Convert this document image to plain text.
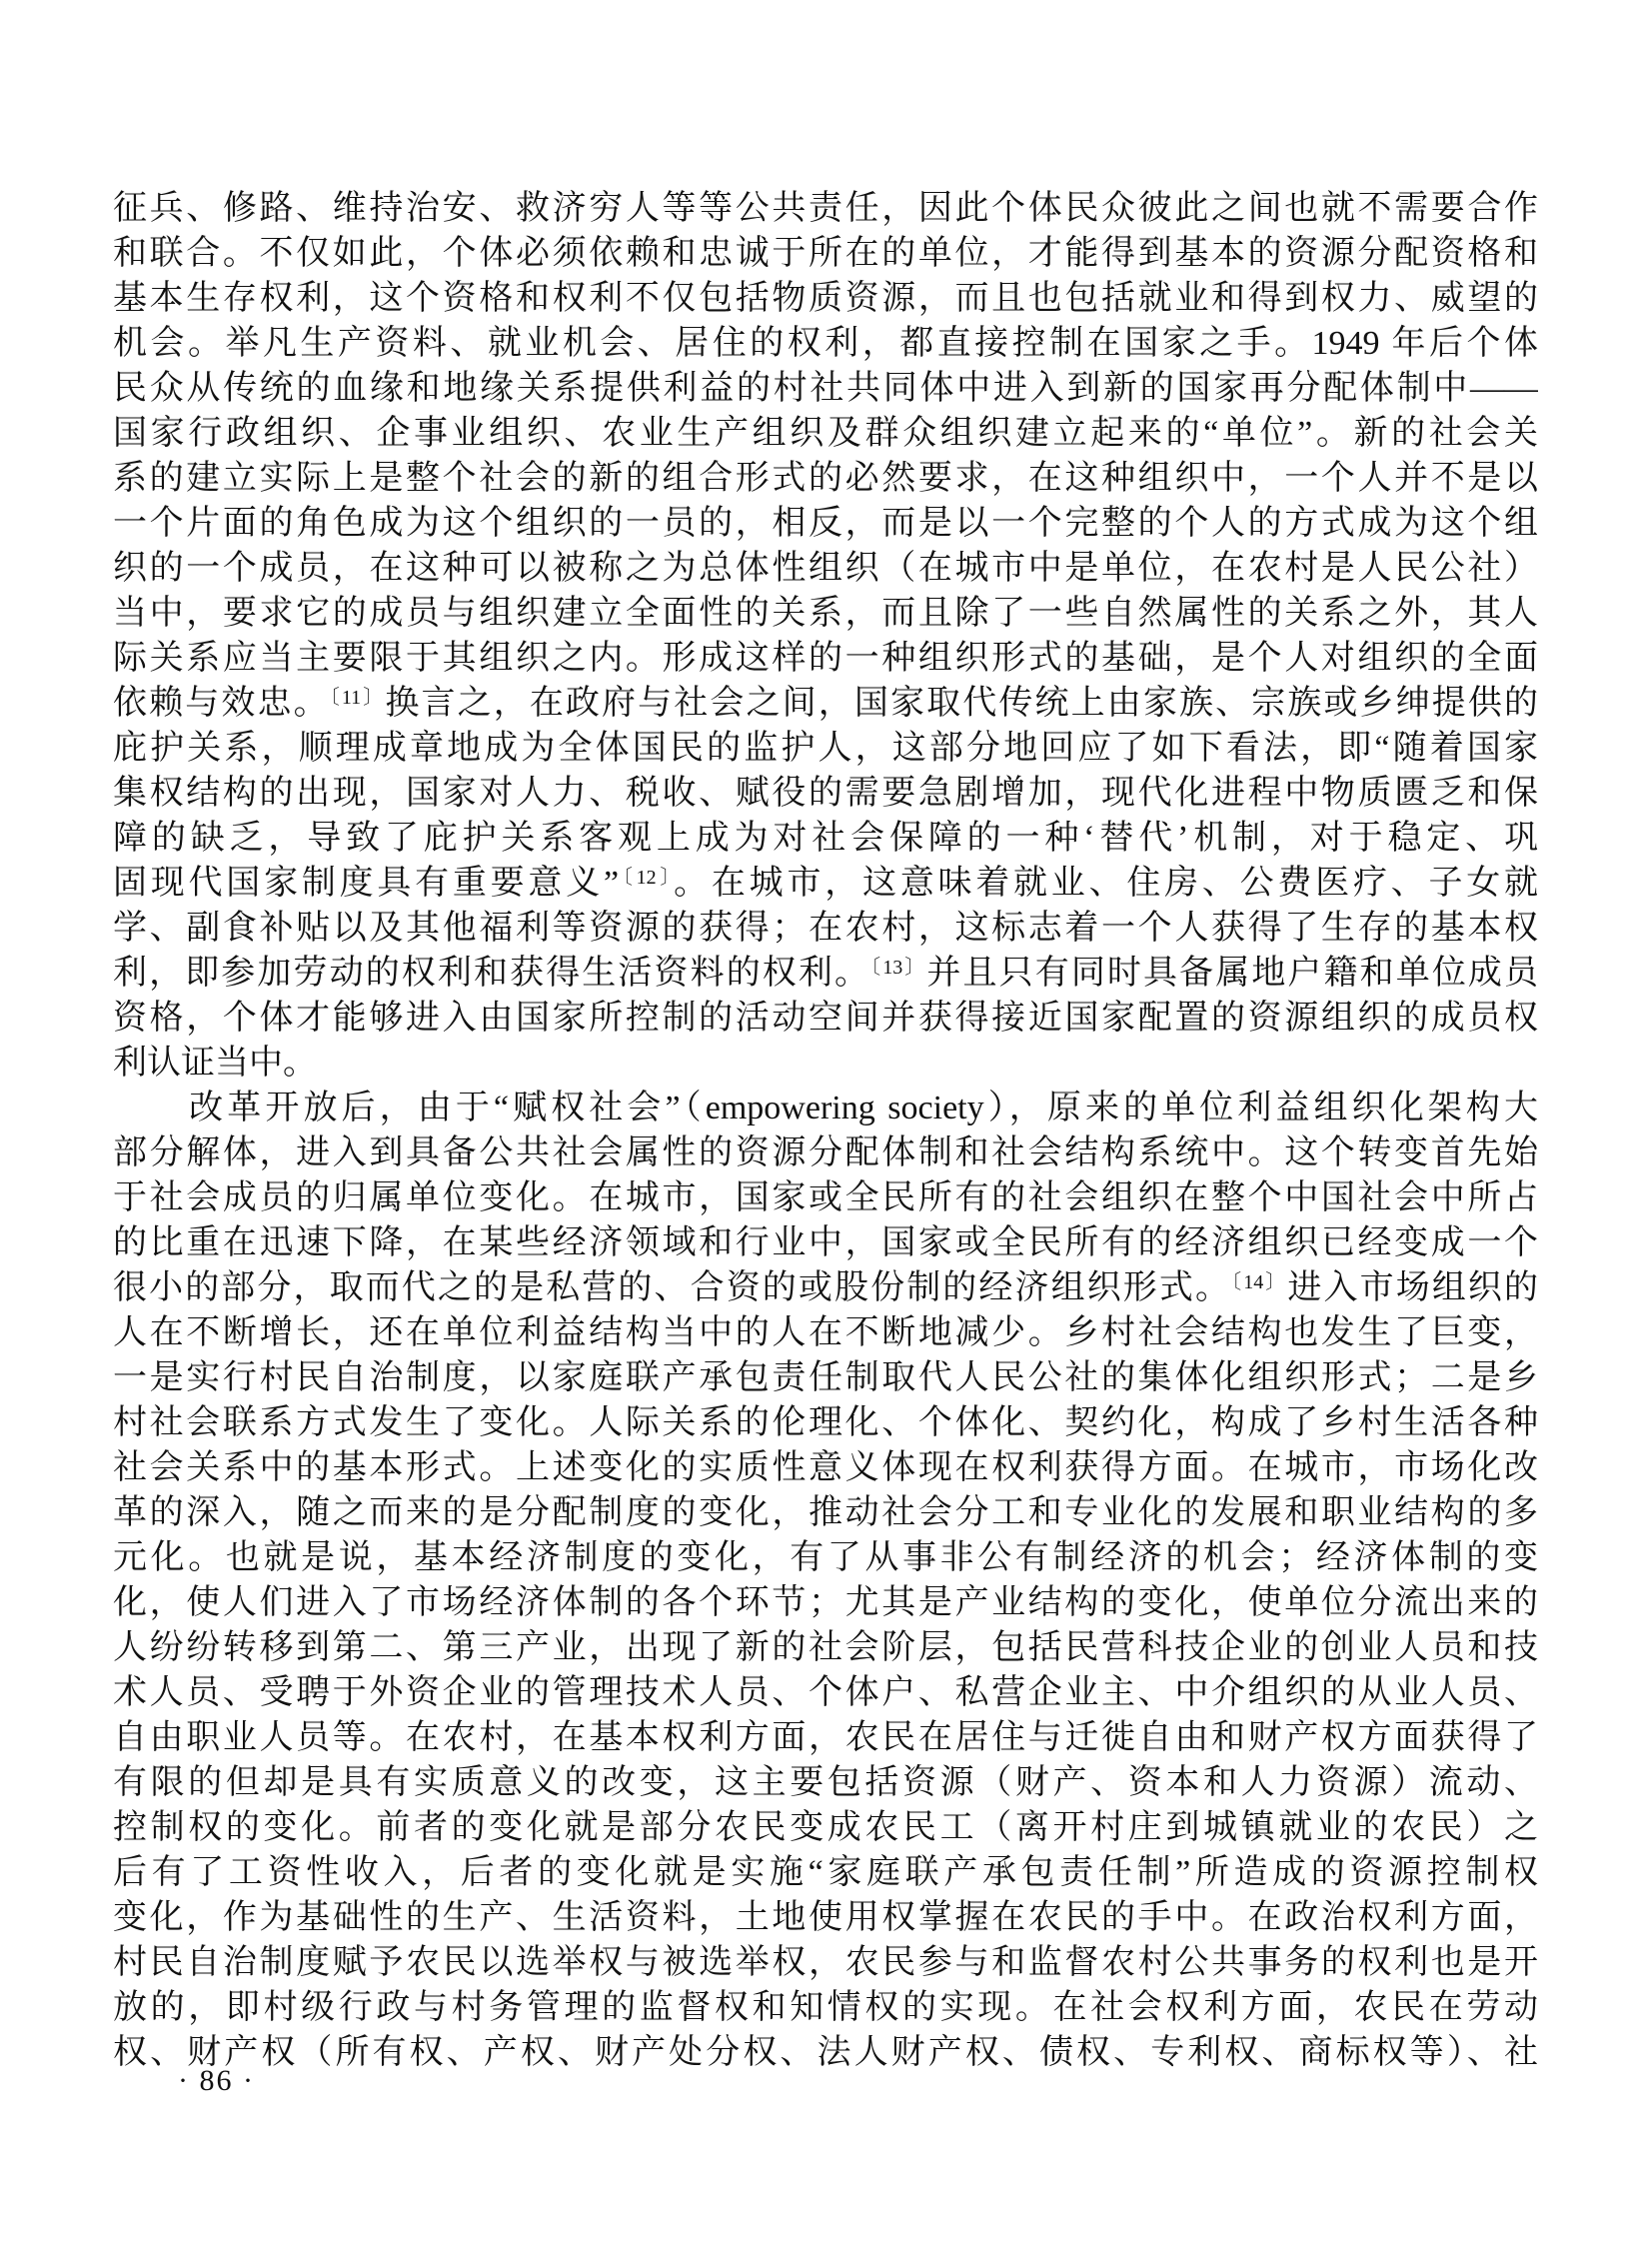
征兵、修路、维持治安、救济穷人等等公共责任，因此个体民众彼此之间也就不需要合作
和联合。不仅如此，个体必须依赖和忠诚于所在的单位，才能得到基本的资源分配资格和
基本生存权利，这个资格和权利不仅包括物质资源，而且也包括就业和得到权力、威望的
机会。举凡生产资料、就业机会、居住的权利，都直接控制在国家之手。1949 年后个体
民众从传统的血缘和地缘关系提供利益的村社共同体中进入到新的国家再分配体制中——
国家行政组织、企事业组织、农业生产组织及群众组织建立起来的“单位”。新的社会关
系的建立实际上是整个社会的新的组合形式的必然要求，在这种组织中，一个人并不是以
一个片面的角色成为这个组织的一员的，相反，而是以一个完整的个人的方式成为这个组
织的一个成员，在这种可以被称之为总体性组织（在城市中是单位，在农村是人民公社）
当中，要求它的成员与组织建立全面性的关系，而且除了一些自然属性的关系之外，其人
际关系应当主要限于其组织之内。形成这样的一种组织形式的基础，是个人对组织的全面
依赖与效忠。$^{〔11〕}$换言之，在政府与社会之间，国家取代传统上由家族、宗族或乡绅提供的
庇护关系，顺理成章地成为全体国民的监护人，这部分地回应了如下看法，即“随着国家
集权结构的出现，国家对人力、税收、赋役的需要急剧增加，现代化进程中物质匮乏和保
障的缺乏，导致了庇护关系客观上成为对社会保障的一种‘替代’机制，对于稳定、巩
固现代国家制度具有重要意义”$^{〔12〕}$。在城市，这意味着就业、住房、公费医疗、子女就
学、副食补贴以及其他福利等资源的获得；在农村，这标志着一个人获得了生存的基本权
利，即参加劳动的权利和获得生活资料的权利。$^{〔13〕}$并且只有同时具备属地户籍和单位成员
资格，个体才能够进入由国家所控制的活动空间并获得接近国家配置的资源组织的成员权
利认证当中。
　　改革开放后，由于“赋权社会”（empowering society），原来的单位利益组织化架构大
部分解体，进入到具备公共社会属性的资源分配体制和社会结构系统中。这个转变首先始
于社会成员的归属单位变化。在城市，国家或全民所有的社会组织在整个中国社会中所占
的比重在迅速下降，在某些经济领域和行业中，国家或全民所有的经济组织已经变成一个
很小的部分，取而代之的是私营的、合资的或股份制的经济组织形式。$^{〔14〕}$进入市场组织的
人在不断增长，还在单位利益结构当中的人在不断地减少。乡村社会结构也发生了巨变，
一是实行村民自治制度，以家庭联产承包责任制取代人民公社的集体化组织形式；二是乡
村社会联系方式发生了变化。人际关系的伦理化、个体化、契约化，构成了乡村生活各种
社会关系中的基本形式。上述变化的实质性意义体现在权利获得方面。在城市，市场化改
革的深入，随之而来的是分配制度的变化，推动社会分工和专业化的发展和职业结构的多
元化。也就是说，基本经济制度的变化，有了从事非公有制经济的机会；经济体制的变
化，使人们进入了市场经济体制的各个环节；尤其是产业结构的变化，使单位分流出来的
人纷纷转移到第二、第三产业，出现了新的社会阶层，包括民营科技企业的创业人员和技
术人员、受聘于外资企业的管理技术人员、个体户、私营企业主、中介组织的从业人员、
自由职业人员等。在农村，在基本权利方面，农民在居住与迁徙自由和财产权方面获得了
有限的但却是具有实质意义的改变，这主要包括资源（财产、资本和人力资源）流动、
控制权的变化。前者的变化就是部分农民变成农民工（离开村庄到城镇就业的农民）之
后有了工资性收入，后者的变化就是实施“家庭联产承包责任制”所造成的资源控制权
变化，作为基础性的生产、生活资料，土地使用权掌握在农民的手中。在政治权利方面，
村民自治制度赋予农民以选举权与被选举权，农民参与和监督农村公共事务的权利也是开
放的，即村级行政与村务管理的监督权和知情权的实现。在社会权利方面，农民在劳动
权、财产权（所有权、产权、财产处分权、法人财产权、债权、专利权、商标权等）、社
· 86 ·
